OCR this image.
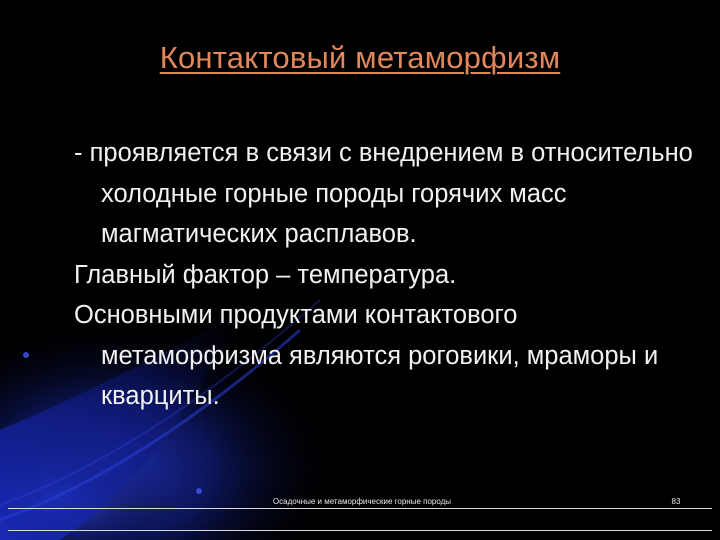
Контактовый метаморфизм

- проявляется в связи с внедрением в относительно холодные горные породы горячих масс магматических расплавов.

Главный фактор – температура.

Основными продуктами контактового метаморфизма являются роговики, мраморы и кварциты.

Осадочные и метаморфические горные породы	83
